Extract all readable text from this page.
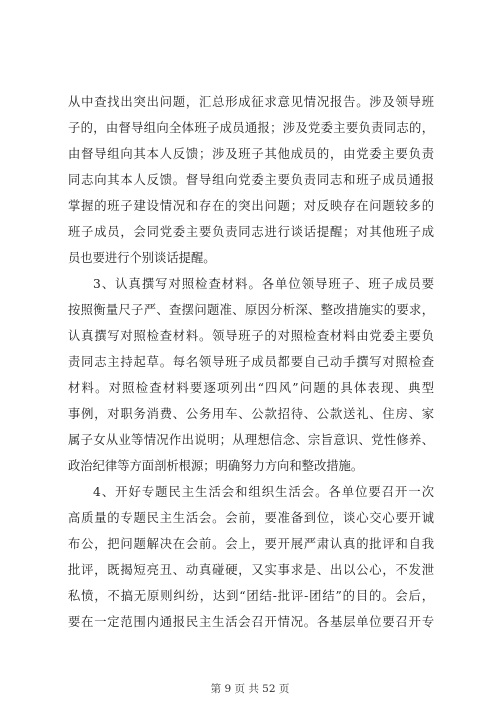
从中查找出突出问题，汇总形成征求意见情况报告。涉及领导班
子的，由督导组向全体班子成员通报；涉及党委主要负责同志的，
由督导组向其本人反馈；涉及班子其他成员的，由党委主要负责
同志向其本人反馈。督导组向党委主要负责同志和班子成员通报
掌握的班子建设情况和存在的突出问题；对反映存在问题较多的
班子成员，会同党委主要负责同志进行谈话提醒；对其他班子成
员也要进行个别谈话提醒。
3、认真撰写对照检查材料。各单位领导班子、班子成员要
按照衡量尺子严、查摆问题准、原因分析深、整改措施实的要求，
认真撰写对照检查材料。领导班子的对照检查材料由党委主要负
责同志主持起草。每名领导班子成员都要自己动手撰写对照检查
材料。对照检查材料要逐项列出“四风”问题的具体表现、典型
事例，对职务消费、公务用车、公款招待、公款送礼、住房、家
属子女从业等情况作出说明；从理想信念、宗旨意识、党性修养、
政治纪律等方面剖析根源；明确努力方向和整改措施。
4、开好专题民主生活会和组织生活会。各单位要召开一次
高质量的专题民主生活会。会前，要准备到位，谈心交心要开诚
布公，把问题解决在会前。会上，要开展严肃认真的批评和自我
批评，既揭短亮丑、动真碰硬，又实事求是、出以公心，不发泄
私愤，不搞无原则纠纷，达到“团结-批评-团结”的目的。会后，
要在一定范围内通报民主生活会召开情况。各基层单位要召开专
第 9 页 共 52 页
